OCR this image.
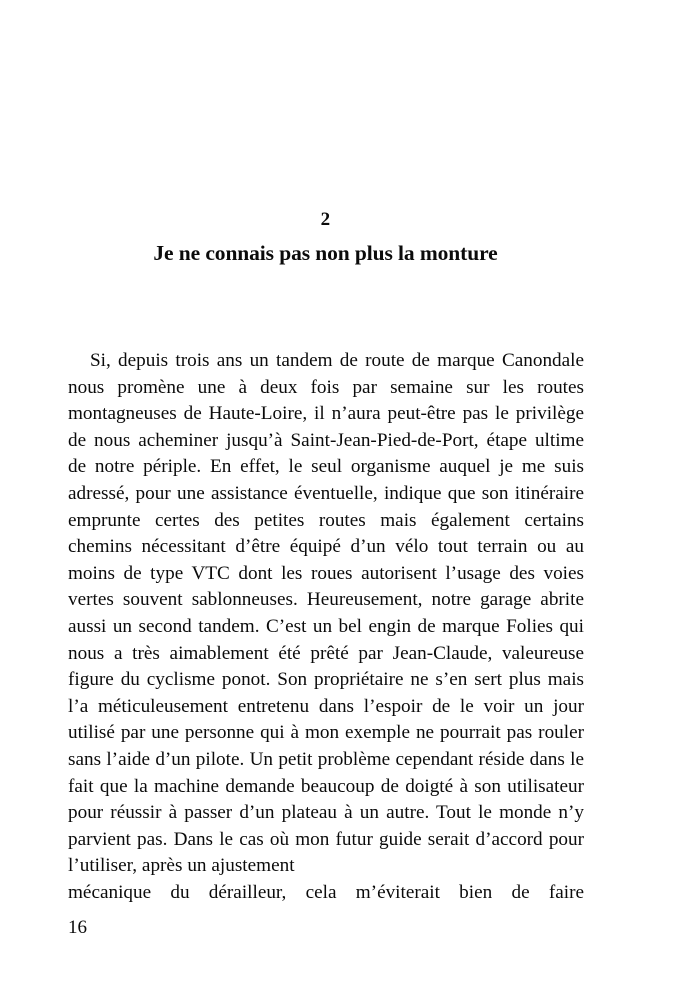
2
Je ne connais pas non plus la monture

Si, depuis trois ans un tandem de route de marque Canondale nous promène une à deux fois par semaine sur les routes montagneuses de Haute-Loire, il n’aura peut-être pas le privilège de nous acheminer jusqu’à Saint-Jean-Pied-de-Port, étape ultime de notre périple. En effet, le seul organisme auquel je me suis adressé, pour une assistance éventuelle, indique que son itinéraire emprunte certes des petites routes mais également certains chemins nécessitant d’être équipé d’un vélo tout terrain ou au moins de type VTC dont les roues autorisent l’usage des voies vertes souvent sablonneuses. Heureusement, notre garage abrite aussi un second tandem. C’est un bel engin de marque Folies qui nous a très aimablement été prêté par Jean-Claude, valeureuse figure du cyclisme ponot. Son propriétaire ne s’en sert plus mais l’a méticuleusement entretenu dans l’espoir de le voir un jour utilisé par une personne qui à mon exemple ne pourrait pas rouler sans l’aide d’un pilote. Un petit problème cependant réside dans le fait que la machine demande beaucoup de doigté à son utilisateur pour réussir à passer d’un plateau à un autre. Tout le monde n’y parvient pas. Dans le cas où mon futur guide serait d’accord pour l’utiliser, après un ajustement

mécanique du dérailleur, cela m’éviterait bien de faire

16
